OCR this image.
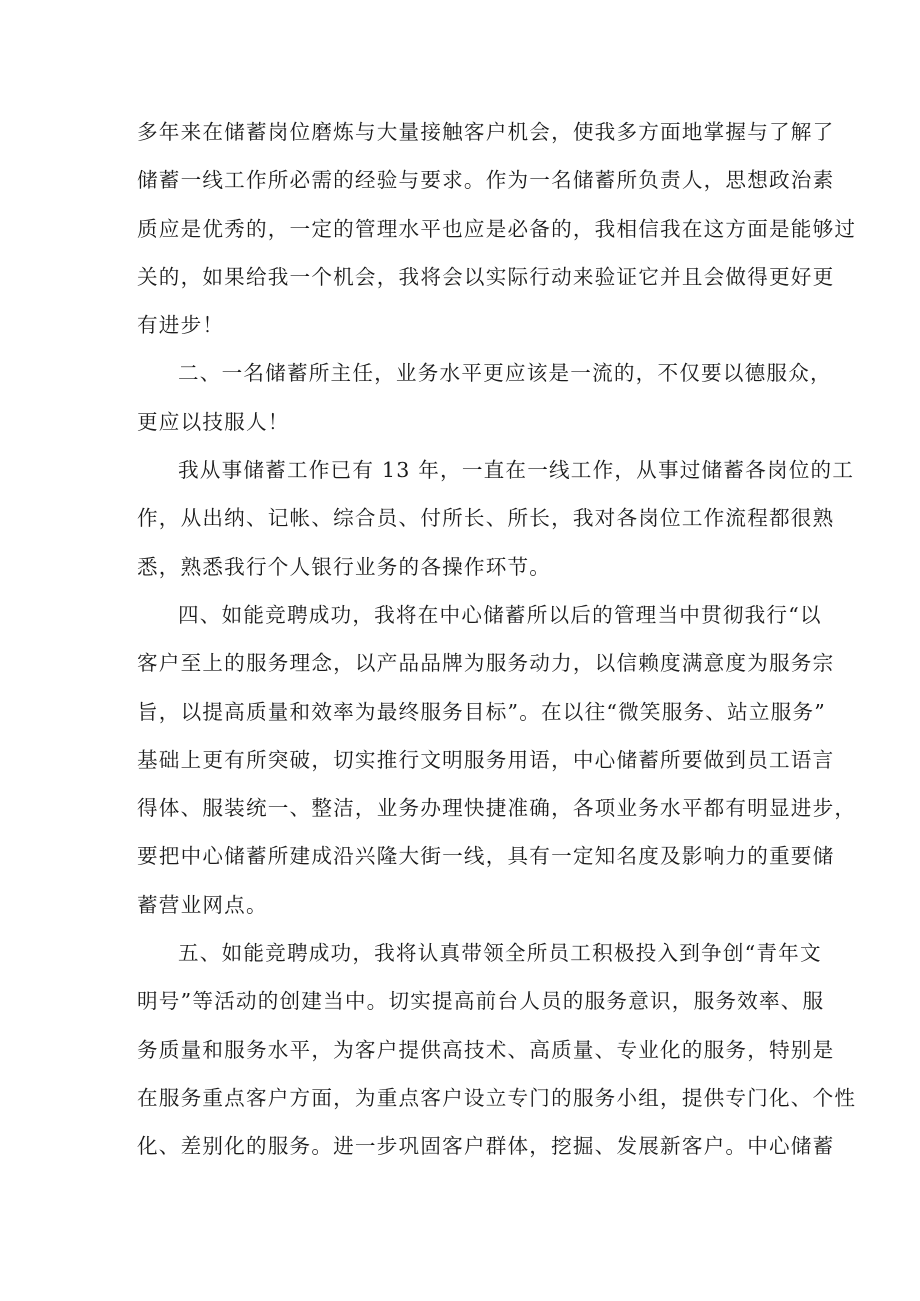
多年来在储蓄岗位磨炼与大量接触客户机会，使我多方面地掌握与了解了
储蓄一线工作所必需的经验与要求。作为一名储蓄所负责人，思想政治素
质应是优秀的，一定的管理水平也应是必备的，我相信我在这方面是能够过
关的，如果给我一个机会，我将会以实际行动来验证它并且会做得更好更
有进步！
二、一名储蓄所主任，业务水平更应该是一流的，不仅要以德服众，
更应以技服人！
我从事储蓄工作已有 13 年，一直在一线工作，从事过储蓄各岗位的工
作，从出纳、记帐、综合员、付所长、所长，我对各岗位工作流程都很熟
悉，熟悉我行个人银行业务的各操作环节。
四、如能竞聘成功，我将在中心储蓄所以后的管理当中贯彻我行“以
客户至上的服务理念，以产品品牌为服务动力，以信赖度满意度为服务宗
旨，以提高质量和效率为最终服务目标”。在以往“微笑服务、站立服务”
基础上更有所突破，切实推行文明服务用语，中心储蓄所要做到员工语言
得体、服装统一、整洁，业务办理快捷准确，各项业务水平都有明显进步，
要把中心储蓄所建成沿兴隆大街一线，具有一定知名度及影响力的重要储
蓄营业网点。
五、如能竞聘成功，我将认真带领全所员工积极投入到争创“青年文
明号”等活动的创建当中。切实提高前台人员的服务意识，服务效率、服
务质量和服务水平，为客户提供高技术、高质量、专业化的服务，特别是
在服务重点客户方面，为重点客户设立专门的服务小组，提供专门化、个性
化、差别化的服务。进一步巩固客户群体，挖掘、发展新客户。中心储蓄
